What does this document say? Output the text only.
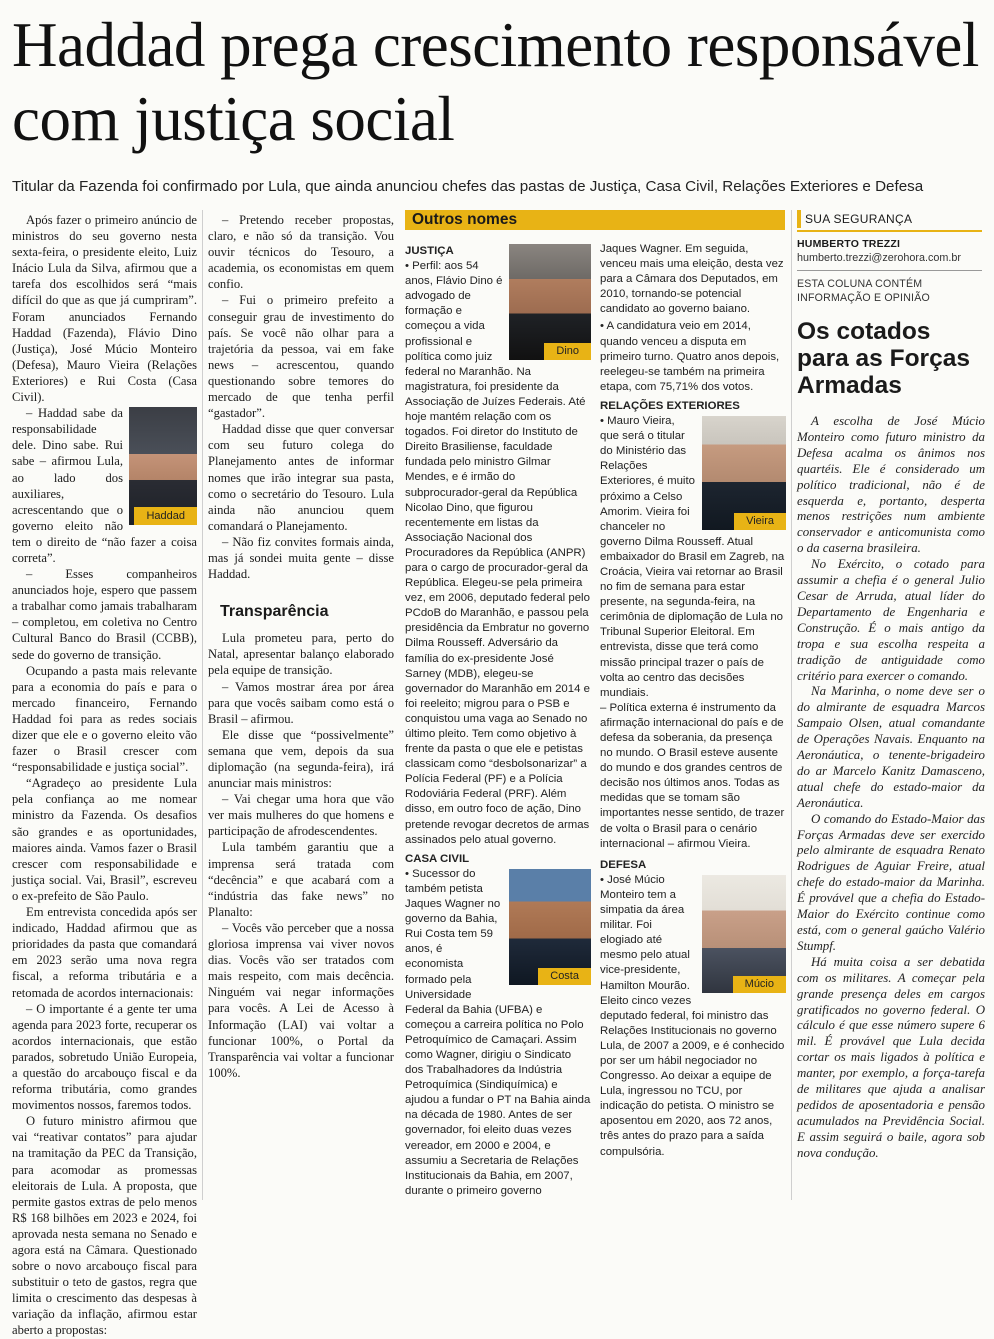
Haddad prega crescimento responsável com justiça social

Titular da Fazenda foi confirmado por Lula, que ainda anunciou chefes das pastas de Justiça, Casa Civil, Relações Exteriores e Defesa

Após fazer o primeiro anúncio de ministros do seu governo nesta sexta-feira, o presidente eleito, Luiz Inácio Lula da Silva, afirmou que a tarefa dos escolhidos será “mais difícil do que as que já cumpriram”. Foram anunciados Fernando Haddad (Fazenda), Flávio Dino (Justiça), José Múcio Monteiro (Defesa), Mauro Vieira (Relações Exteriores) e Rui Costa (Casa Civil).

Haddad

– Haddad sabe da responsabilidade dele. Dino sabe. Rui sabe – afirmou Lula, ao lado dos auxiliares, acrescentando que o governo eleito não tem o direito de “não fazer a coisa correta”.

– Esses companheiros anunciados hoje, espero que passem a trabalhar como jamais trabalharam – completou, em coletiva no Centro Cultural Banco do Brasil (CCBB), sede do governo de transição.

Ocupando a pasta mais relevante para a economia do país e para o mercado financeiro, Fernando Haddad foi para as redes sociais dizer que ele e o governo eleito vão fazer o Brasil crescer com “responsabilidade e justiça social”.

“Agradeço ao presidente Lula pela confiança ao me nomear ministro da Fazenda. Os desafios são grandes e as oportunidades, maiores ainda. Vamos fazer o Brasil crescer com responsabilidade e justiça social. Vai, Brasil”, escreveu o ex-prefeito de São Paulo.

Em entrevista concedida após ser indicado, Haddad afirmou que as prioridades da pasta que comandará em 2023 serão uma nova regra fiscal, a reforma tributária e a retomada de acordos internacionais:

– O importante é a gente ter uma agenda para 2023 forte, recuperar os acordos internacionais, que estão parados, sobretudo União Europeia, a questão do arcabouço fiscal e da reforma tributária, como grandes movimentos nossos, faremos todos.

O futuro ministro afirmou que vai “reativar contatos” para ajudar na tramitação da PEC da Transição, para acomodar as promessas eleitorais de Lula. A proposta, que permite gastos extras de pelo menos R$ 168 bilhões em 2023 e 2024, foi aprovada nesta semana no Senado e agora está na Câmara. Questionado sobre o novo arcabouço fiscal para substituir o teto de gastos, regra que limita o crescimento das despesas à variação da inflação, afirmou estar aberto a propostas:

– Pretendo receber propostas, claro, e não só da transição. Vou ouvir técnicos do Tesouro, a academia, os economistas em quem confio.

– Fui o primeiro prefeito a conseguir grau de investimento do país. Se você não olhar para a trajetória da pessoa, vai em fake news – acrescentou, quando questionando sobre temores do mercado de que tenha perfil “gastador”.

Haddad disse que quer conversar com seu futuro colega do Planejamento antes de informar nomes que irão integrar sua pasta, como o secretário do Tesouro. Lula ainda não anunciou quem comandará o Planejamento.

– Não fiz convites formais ainda, mas já sondei muita gente – disse Haddad.

Transparência

Lula prometeu para, perto do Natal, apresentar balanço elaborado pela equipe de transição.

– Vamos mostrar área por área para que vocês saibam como está o Brasil – afirmou.

Ele disse que “possivelmente” semana que vem, depois da sua diplomação (na segunda-feira), irá anunciar mais ministros:

– Vai chegar uma hora que vão ver mais mulheres do que homens e participação de afrodescendentes.

Lula também garantiu que a imprensa será tratada com “decência” e que acabará com a “indústria das fake news” no Planalto:

– Vocês vão perceber que a nossa gloriosa imprensa vai viver novos dias. Vocês vão ser tratados com mais respeito, com mais decência. Ninguém vai negar informações para vocês. A Lei de Acesso à Informação (LAI) vai voltar a funcionar 100%, o Portal da Transparência vai voltar a funcionar 100%.

Outros nomes
Dino

JUSTIÇA

• Perfil: aos 54 anos, Flávio Dino é advogado de formação e começou a vida profissional e política como juiz federal no Maranhão. Na magistratura, foi presidente da Associação de Juízes Federais. Até hoje mantém relação com os togados. Foi diretor do Instituto de Direito Brasiliense, faculdade fundada pelo ministro Gilmar Mendes, e é irmão do subprocurador-geral da República Nicolao Dino, que figurou recentemente em listas da Associação Nacional dos Procuradores da República (ANPR) para o cargo de procurador-geral da República. Elegeu-se pela primeira vez, em 2006, deputado federal pelo PCdoB do Maranhão, e passou pela presidência da Embratur no governo Dilma Rousseff. Adversário da família do ex-presidente José Sarney (MDB), elegeu-se governador do Maranhão em 2014 e foi reeleito; migrou para o PSB e conquistou uma vaga ao Senado no último pleito. Tem como objetivo à frente da pasta o que ele e petistas classicam como “desbolsonarizar” a Polícia Federal (PF) e a Polícia Rodoviária Federal (PRF). Além disso, em outro foco de ação, Dino pretende revogar decretos de armas assinados pelo atual governo.

CASA CIVIL

Costa

• Sucessor do também petista Jaques Wagner no governo da Bahia, Rui Costa tem 59 anos, é economista formado pela Universidade Federal da Bahia (UFBA) e começou a carreira política no Polo Petroquímico de Camaçari. Assim como Wagner, dirigiu o Sindicato dos Trabalhadores da Indústria Petroquímica (Sindiquímica) e ajudou a fundar o PT na Bahia ainda na década de 1980. Antes de ser governador, foi eleito duas vezes vereador, em 2000 e 2004, e assumiu a Secretaria de Relações Institucionais da Bahia, em 2007, durante o primeiro governo

Jaques Wagner. Em seguida, venceu mais uma eleição, desta vez para a Câmara dos Deputados, em 2010, tornando-se potencial candidato ao governo baiano.

• A candidatura veio em 2014, quando venceu a disputa em primeiro turno. Quatro anos depois, reelegeu-se também na primeira etapa, com 75,71% dos votos.

RELAÇÕES EXTERIORES

Vieira

• Mauro Vieira, que será o titular do Ministério das Relações Exteriores, é muito próximo a Celso Amorim. Vieira foi chanceler no governo Dilma Rousseff. Atual embaixador do Brasil em Zagreb, na Croácia, Vieira vai retornar ao Brasil no fim de semana para estar presente, na segunda-feira, na cerimônia de diplomação de Lula no Tribunal Superior Eleitoral. Em entrevista, disse que terá como missão principal trazer o país de volta ao centro das decisões mundiais.

– Política externa é instrumento da afirmação internacional do país e de defesa da soberania, da presença no mundo. O Brasil esteve ausente do mundo e dos grandes centros de decisão nos últimos anos. Todas as medidas que se tomam são importantes nesse sentido, de trazer de volta o Brasil para o cenário internacional – afirmou Vieira.

DEFESA

Múcio

• José Múcio Monteiro tem a simpatia da área militar. Foi elogiado até mesmo pelo atual vice-presidente, Hamilton Mourão. Eleito cinco vezes deputado federal, foi ministro das Relações Institucionais no governo Lula, de 2007 a 2009, e é conhecido por ser um hábil negociador no Congresso. Ao deixar a equipe de Lula, ingressou no TCU, por indicação do petista. O ministro se aposentou em 2020, aos 72 anos, três antes do prazo para a saída compulsória.

SUA SEGURANÇA
HUMBERTO TREZZI
humberto.trezzi@zerohora.com.br
ESTA COLUNA CONTÉM INFORMAÇÃO E OPINIÃO
Os cotados para as Forças Armadas

A escolha de José Múcio Monteiro como futuro ministro da Defesa acalma os ânimos nos quartéis. Ele é considerado um político tradicional, não é de esquerda e, portanto, desperta menos restrições num ambiente conservador e anticomunista como o da caserna brasileira.

No Exército, o cotado para assumir a chefia é o general Julio Cesar de Arruda, atual líder do Departamento de Engenharia e Construção. É o mais antigo da tropa e sua escolha respeita a tradição de antiguidade como critério para exercer o comando.

Na Marinha, o nome deve ser o do almirante de esquadra Marcos Sampaio Olsen, atual comandante de Operações Navais. Enquanto na Aeronáutica, o tenente-brigadeiro do ar Marcelo Kanitz Damasceno, atual chefe do estado-maior da Aeronáutica.

O comando do Estado-Maior das Forças Armadas deve ser exercido pelo almirante de esquadra Renato Rodrigues de Aguiar Freire, atual chefe do estado-maior da Marinha. É provável que a chefia do Estado-Maior do Exército continue como está, com o general gaúcho Valério Stumpf.

Há muita coisa a ser debatida com os militares. A começar pela grande presença deles em cargos gratificados no governo federal. O cálculo é que esse número supere 6 mil. É provável que Lula decida cortar os mais ligados à política e manter, por exemplo, a força-tarefa de militares que ajuda a analisar pedidos de aposentadoria e pensão acumulados na Previdência Social. E assim seguirá o baile, agora sob nova condução.
